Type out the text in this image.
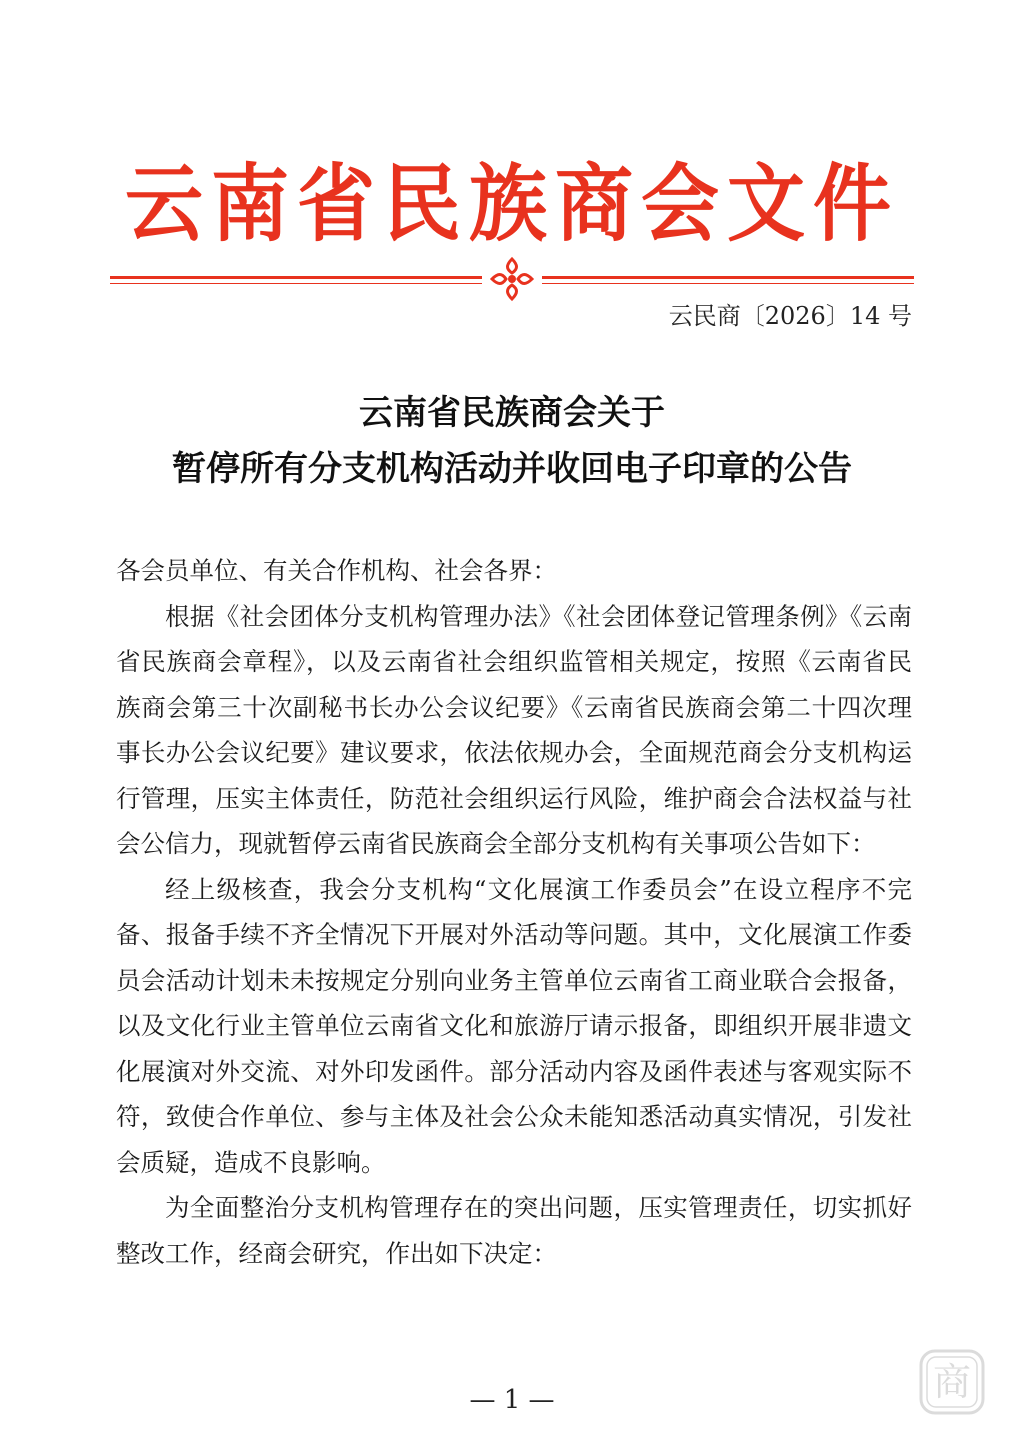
云南省民族商会文件
云民商〔2026〕14 号
云南省民族商会关于
暂停所有分支机构活动并收回电子印章的公告

各会员单位、有关合作机构、社会各界：

根据《社会团体分支机构管理办法》《社会团体登记管理条例》《云南省民族商会章程》，以及云南省社会组织监管相关规定，按照《云南省民族商会第三十次副秘书长办公会议纪要》《云南省民族商会第二十四次理事长办公会议纪要》建议要求，依法依规办会，全面规范商会分支机构运行管理，压实主体责任，防范社会组织运行风险，维护商会合法权益与社会公信力，现就暂停云南省民族商会全部分支机构有关事项公告如下：

经上级核查，我会分支机构“文化展演工作委员会”在设立程序不完备、报备手续不齐全情况下开展对外活动等问题。其中，文化展演工作委员会活动计划未未按规定分别向业务主管单位云南省工商业联合会报备，以及文化行业主管单位云南省文化和旅游厅请示报备，即组织开展非遗文化展演对外交流、对外印发函件。部分活动内容及函件表述与客观实际不符，致使合作单位、参与主体及社会公众未能知悉活动真实情况，引发社会质疑，造成不良影响。

为全面整治分支机构管理存在的突出问题，压实管理责任，切实抓好整改工作，经商会研究，作出如下决定：

— 1 —	商
